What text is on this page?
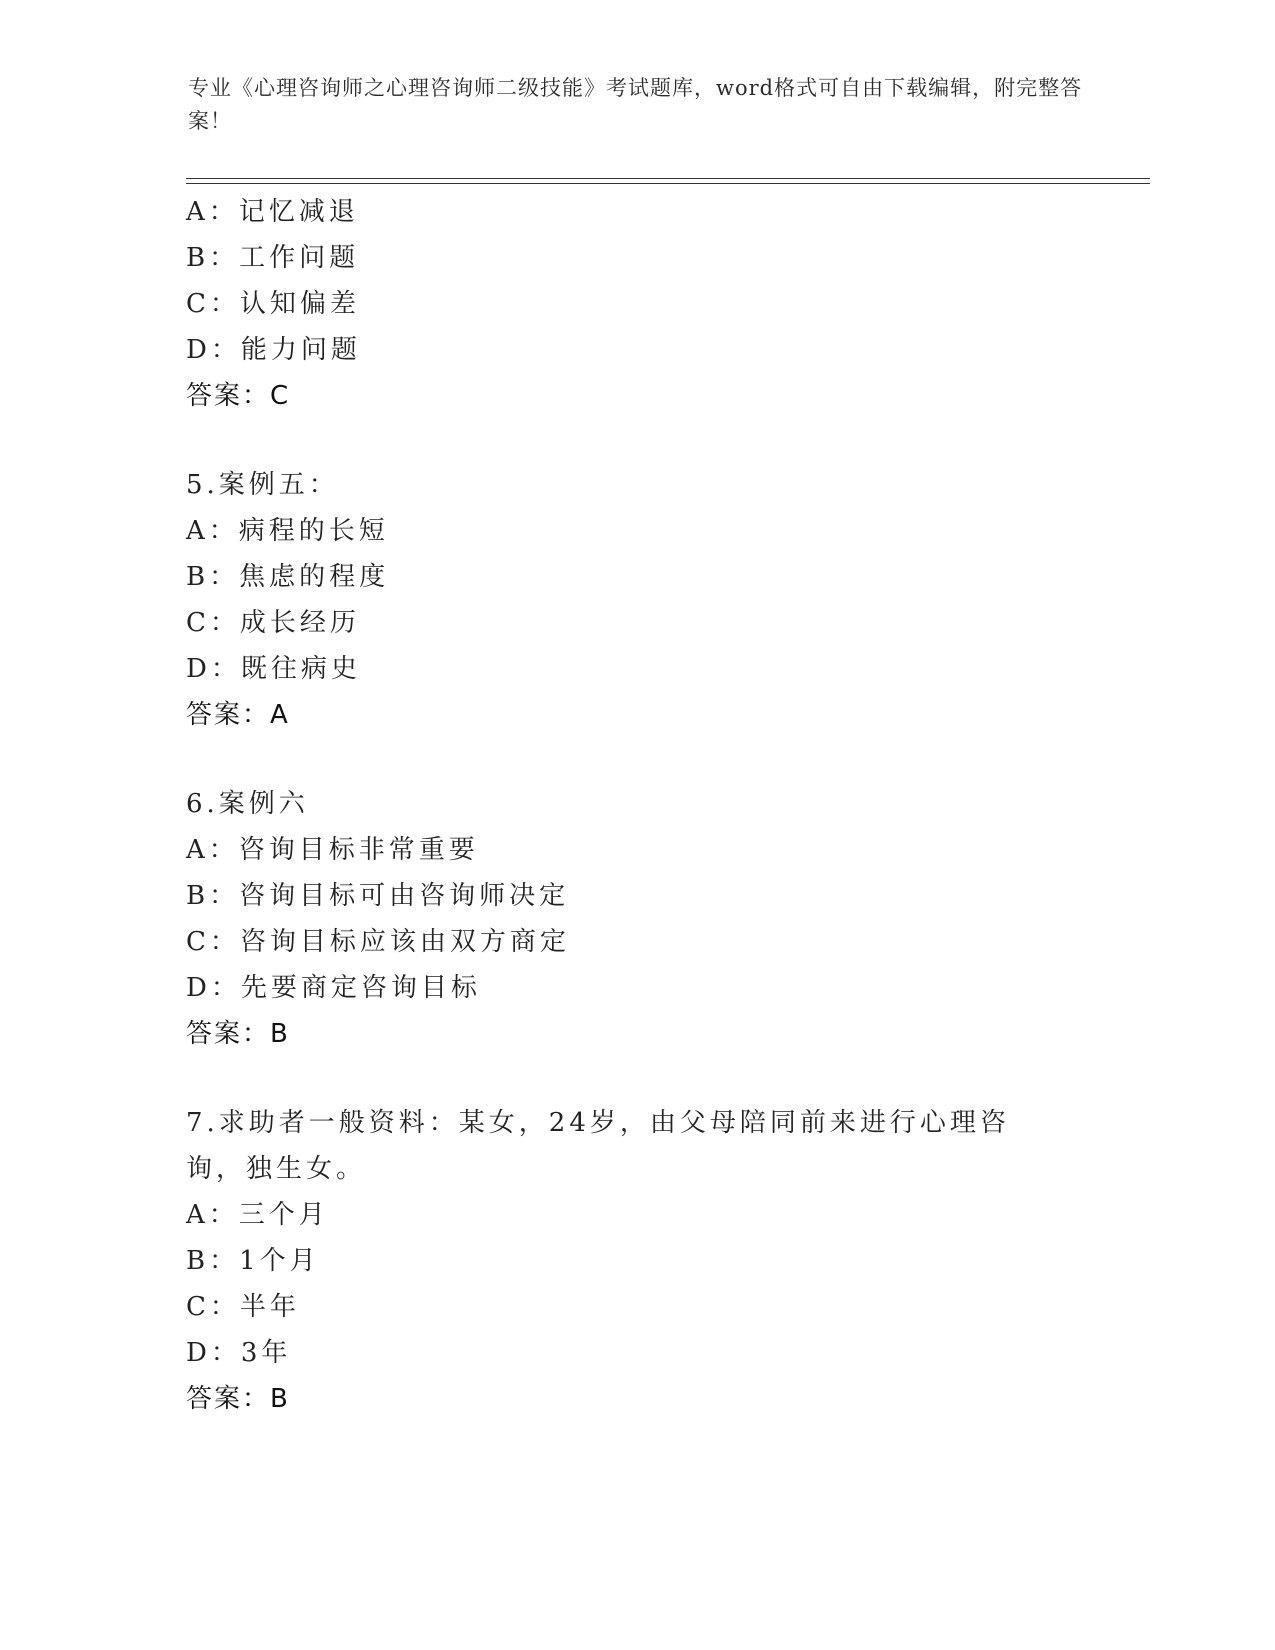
专业《心理咨询师之心理咨询师二级技能》考试题库，word格式可自由下载编辑，附完整答案！
A：记忆减退
B：工作问题
C：认知偏差
D：能力问题
答案：C
5.案例五：
A：病程的长短
B：焦虑的程度
C：成长经历
D：既往病史
答案：A
6.案例六
A：咨询目标非常重要
B：咨询目标可由咨询师决定
C：咨询目标应该由双方商定
D：先要商定咨询目标
答案：B
7.求助者一般资料：某女，24岁，由父母陪同前来进行心理咨询，独生女。
A：三个月
B：1个月
C：半年
D：3年
答案：B
